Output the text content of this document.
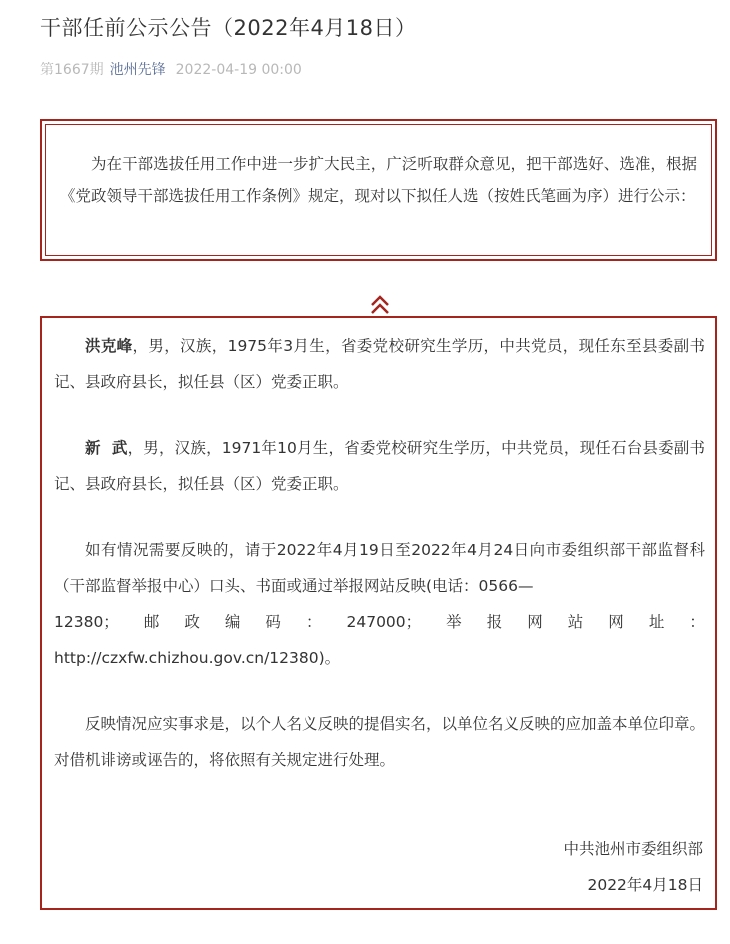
干部任前公示公告（2022年4月18日）
第1667期 池州先锋 2022-04-19 00:00

为在干部选拔任用工作中进一步扩大民主，广泛听取群众意见，把干部选好、选准，根据《党政领导干部选拔任用工作条例》规定，现对以下拟任人选（按姓氏笔画为序）进行公示：

洪克峰，男，汉族，1975年3月生，省委党校研究生学历，中共党员，现任东至县委副书记、县政府县长，拟任县（区）党委正职。

新  武，男，汉族，1971年10月生，省委党校研究生学历，中共党员，现任石台县委副书记、县政府县长，拟任县（区）党委正职。

如有情况需要反映的，请于2022年4月19日至2022年4月24日向市委组织部干部监督科（干部监督举报中心）口头、书面或通过举报网站反映(电话：0566—
12380； 邮 政 编 码 ： 247000； 举 报 网 站 网 址 ：
http://czxfw.chizhou.gov.cn/12380)。

反映情况应实事求是，以个人名义反映的提倡实名，以单位名义反映的应加盖本单位印章。对借机诽谤或诬告的，将依照有关规定进行处理。

中共池州市委组织部
2022年4月18日
